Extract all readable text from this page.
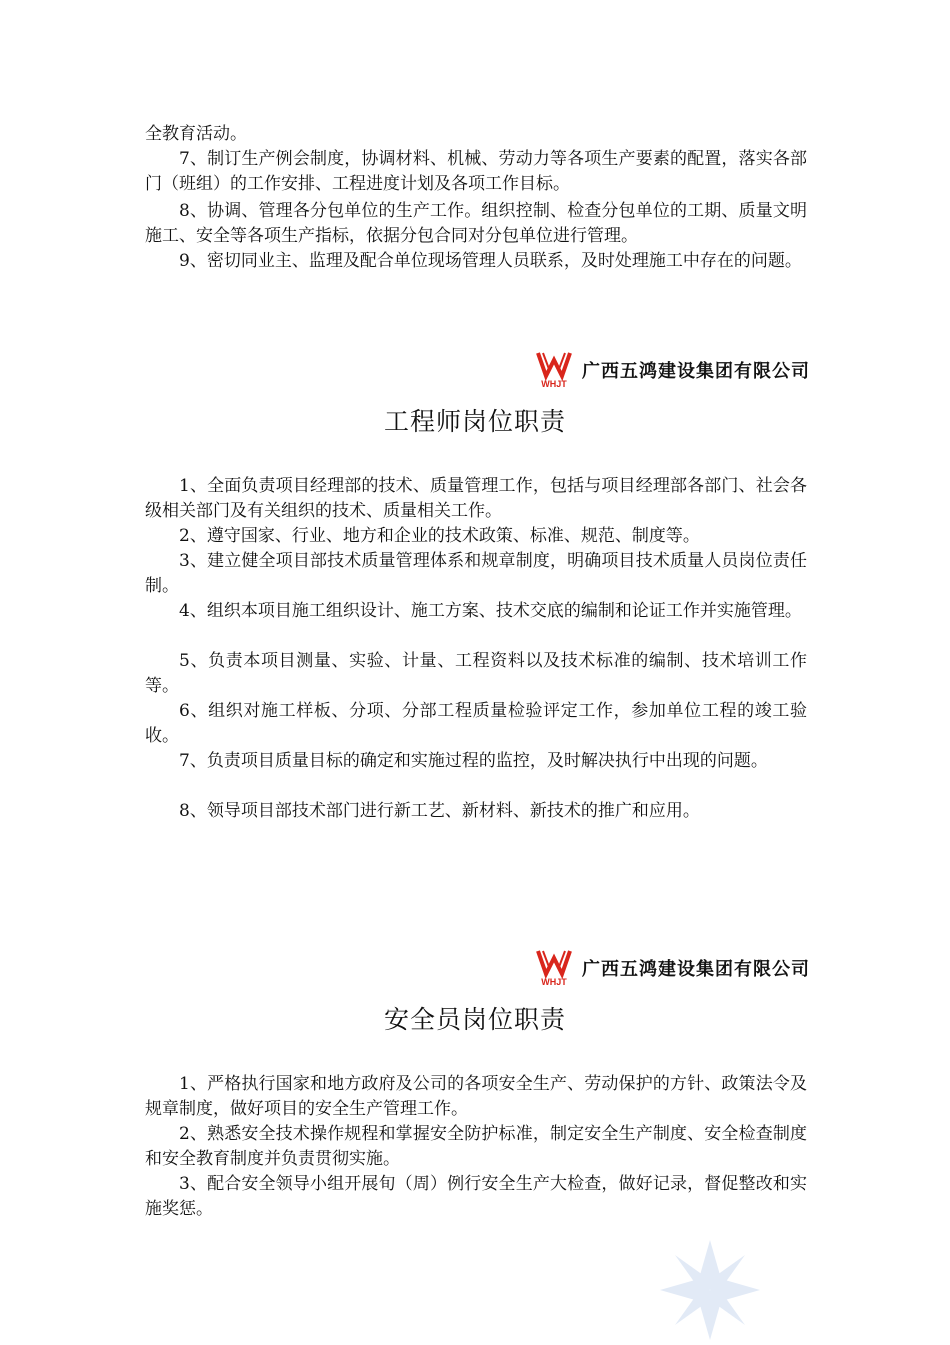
全教育活动。

7、制订生产例会制度，协调材料、机械、劳动力等各项生产要素的配置，落实各部门（班组）的工作安排、工程进度计划及各项工作目标。

8、协调、管理各分包单位的生产工作。组织控制、检查分包单位的工期、质量文明施工、安全等各项生产指标，依据分包合同对分包单位进行管理。

9、密切同业主、监理及配合单位现场管理人员联系，及时处理施工中存在的问题。

WHJT
广西五鸿建设集团有限公司
工程师岗位职责

1、全面负责项目经理部的技术、质量管理工作，包括与项目经理部各部门、社会各级相关部门及有关组织的技术、质量相关工作。

2、遵守国家、行业、地方和企业的技术政策、标准、规范、制度等。

3、建立健全项目部技术质量管理体系和规章制度，明确项目技术质量人员岗位责任制。

4、组织本项目施工组织设计、施工方案、技术交底的编制和论证工作并实施管理。

5、负责本项目测量、实验、计量、工程资料以及技术标准的编制、技术培训工作等。

6、组织对施工样板、分项、分部工程质量检验评定工作，参加单位工程的竣工验收。

7、负责项目质量目标的确定和实施过程的监控，及时解决执行中出现的问题。

8、领导项目部技术部门进行新工艺、新材料、新技术的推广和应用。

WHJT
广西五鸿建设集团有限公司
安全员岗位职责

1、严格执行国家和地方政府及公司的各项安全生产、劳动保护的方针、政策法令及规章制度，做好项目的安全生产管理工作。

2、熟悉安全技术操作规程和掌握安全防护标准，制定安全生产制度、安全检查制度和安全教育制度并负责贯彻实施。

3、配合安全领导小组开展旬（周）例行安全生产大检查，做好记录，督促整改和实施奖惩。
